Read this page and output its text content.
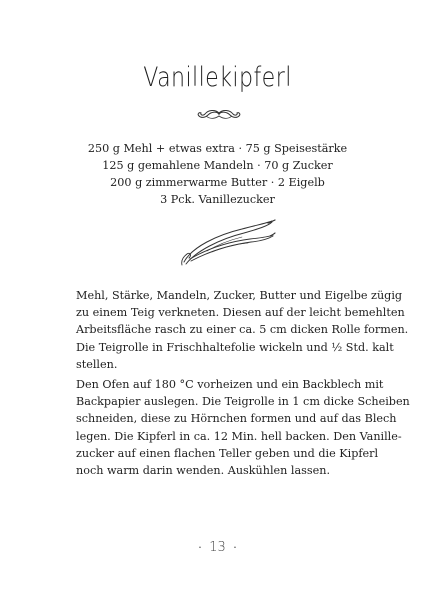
Vanillekipferl
250 g Mehl + etwas extra · 75 g Speisestärke
125 g gemahlene Mandeln · 70 g Zucker
200 g zimmerwarme Butter · 2 Eigelb
3 Pck. Vanillezucker
Mehl, Stärke, Mandeln, Zucker, Butter und Eigelbe zügig
zu einem Teig verkneten. Diesen auf der leicht bemehlten
Arbeitsfläche rasch zu einer ca. 5 cm dicken Rolle formen.
Die Teigrolle in Frischhaltefolie wickeln und ½ Std. kalt
stellen.
Den Ofen auf 180 °C vorheizen und ein Backblech mit
Backpapier auslegen. Die Teigrolle in 1 cm dicke Scheiben
schneiden, diese zu Hörnchen formen und auf das Blech
legen. Die Kipferl in ca. 12 Min. hell backen. Den Vanille-
zucker auf einen flachen Teller geben und die Kipferl
noch warm darin wenden. Auskühlen lassen.
· 13 ·
